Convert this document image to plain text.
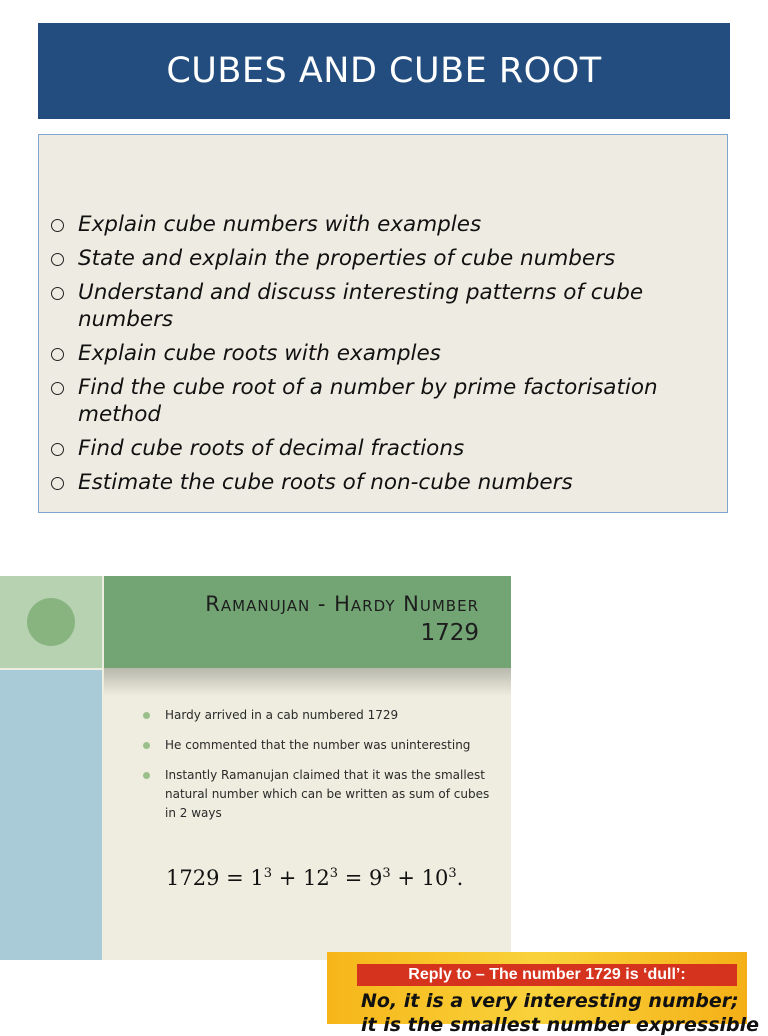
CUBES AND CUBE ROOT
Explain cube numbers with examples
State and explain the properties of cube numbers
Understand and discuss interesting patterns of cube numbers
Explain cube roots with examples
Find the cube root of a number by prime factorisation method
Find cube roots of decimal fractions
Estimate the cube roots of non-cube numbers
Ramanujan - Hardy Number
1729
Hardy arrived in a cab numbered 1729
He commented that the number was uninteresting
Instantly Ramanujan claimed that it was the smallest natural number which can be written as sum of cubes in 2 ways
$1729 = 1^3 + 12^3 = 9^3 + 10^3$.
Reply to – The number 1729 is ‘dull’:
No, it is a very interesting number;
it is the smallest number expressible
